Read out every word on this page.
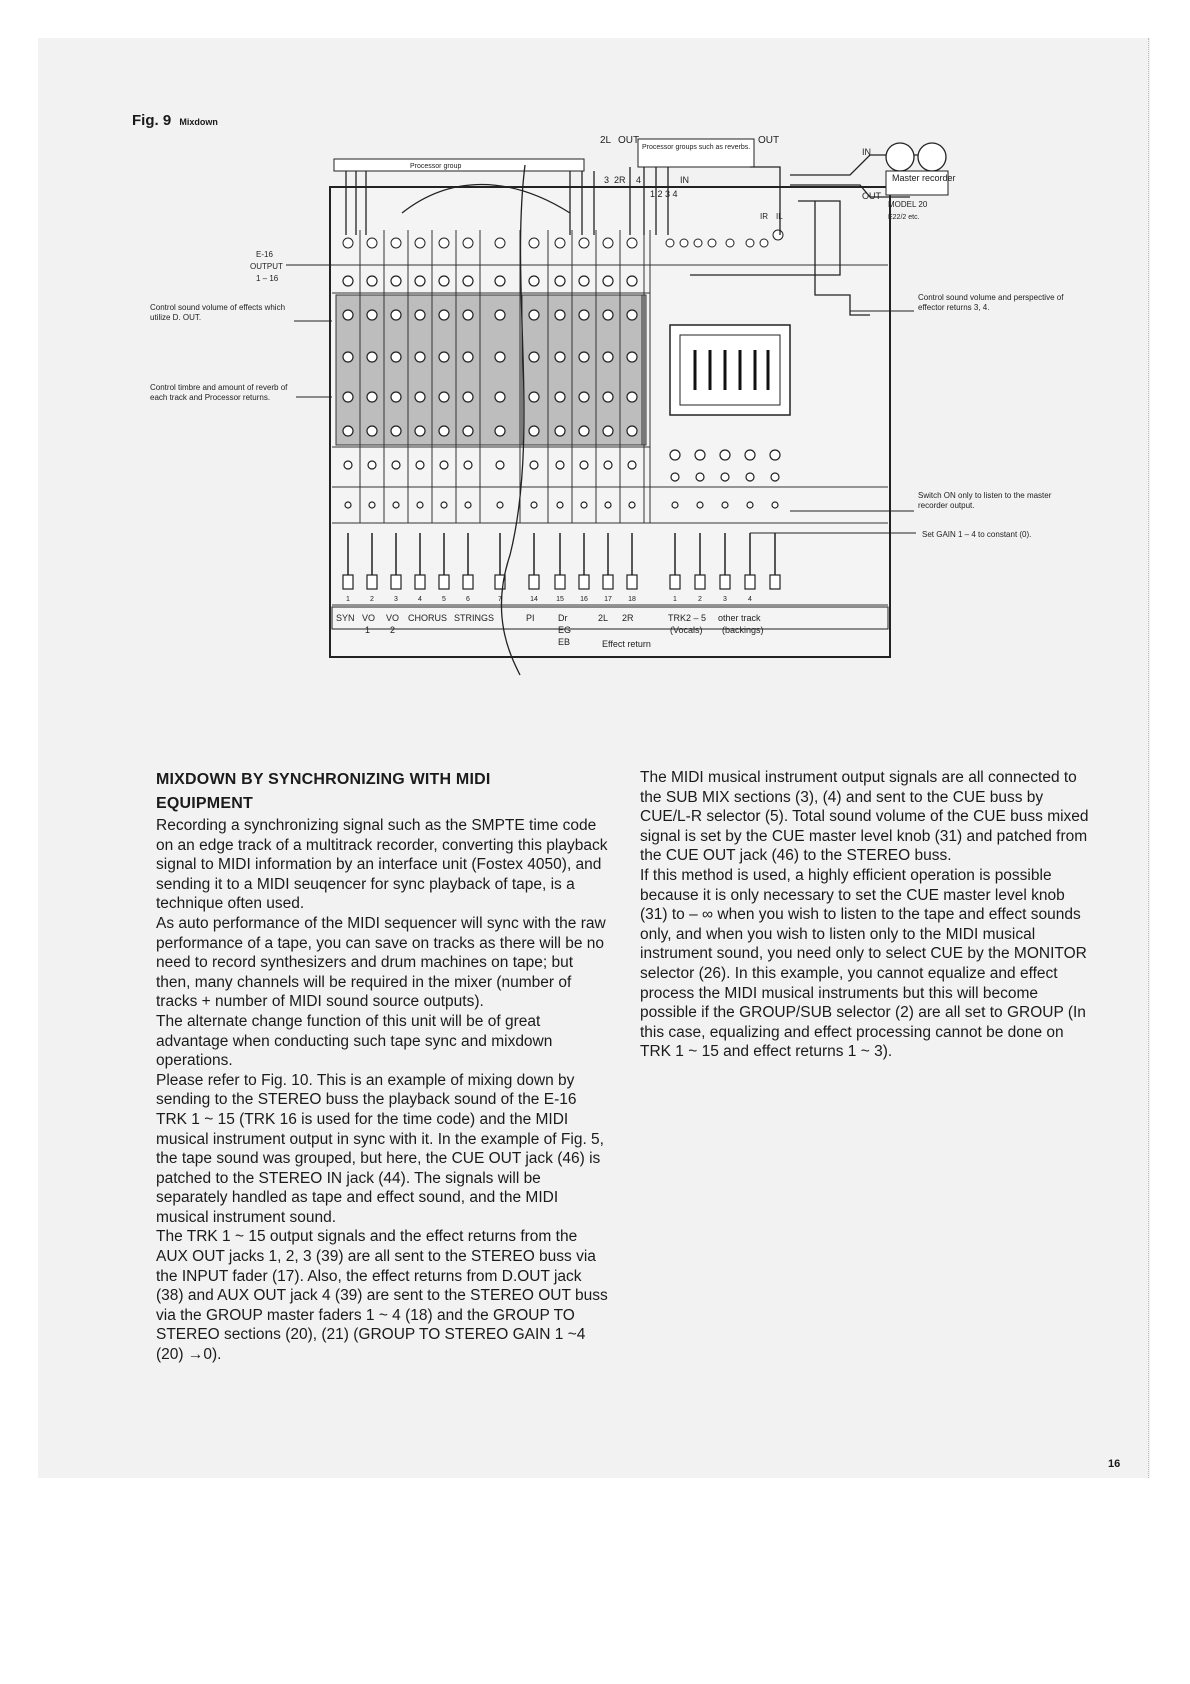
Fig. 9 Mixdown
1	2	3	4	5	6	7	14	15 16 17 18	1	2	3	4
SYN VO
1
VO
2
CHORUS STRINGS	PI	Dr
EG
EB
2L 2R	TRK2 – 5 other track
(Vocals) (backings)
Effect return
Processor group
Processor groups such as reverbs.
2L OUT	OUT
3 2R 4	IN
1 2 3 4
Master recorder
IN
OUT
MODEL 20
E22/2 etc.
IR IL
E-16
OUTPUT
1 – 16
Control sound volume of effects which utilize D. OUT.
Control timbre and amount of reverb of each track and Processor returns.
Control sound volume and perspective of effector returns 3, 4.
Switch ON only to listen to the master recorder output.
Set GAIN 1 – 4 to constant (0).
MIXDOWN BY SYNCHRONIZING WITH MIDI
EQUIPMENT

Recording a synchronizing signal such as the SMPTE time code on an edge track of a multitrack recorder, converting this playback signal to MIDI information by an interface unit (Fostex 4050), and sending it to a MIDI seuqencer for sync playback of tape, is a technique often used.

As auto performance of the MIDI sequencer will sync with the raw performance of a tape, you can save on tracks as there will be no need to record synthesizers and drum machines on tape; but then, many channels will be required in the mixer (number of tracks + number of MIDI sound source outputs).

The alternate change function of this unit will be of great advantage when conducting such tape sync and mixdown operations.

Please refer to Fig. 10. This is an example of mixing down by sending to the STEREO buss the playback sound of the E-16 TRK 1 ~ 15 (TRK 16 is used for the time code) and the MIDI musical instrument output in sync with it. In the example of Fig. 5, the tape sound was grouped, but here, the CUE OUT jack (46) is patched to the STEREO IN jack (44). The signals will be separately handled as tape and effect sound, and the MIDI musical instrument sound.

The TRK 1 ~ 15 output signals and the effect returns from the AUX OUT jacks 1, 2, 3 (39) are all sent to the STEREO buss via the INPUT fader (17). Also, the effect returns from D.OUT jack (38) and AUX OUT jack 4 (39) are sent to the STEREO OUT buss via the GROUP master faders 1 ~ 4 (18) and the GROUP TO STEREO sections (20), (21) (GROUP TO STEREO GAIN 1 ~4 (20) →0).

The MIDI musical instrument output signals are all connected to the SUB MIX sections (3), (4) and sent to the CUE buss by CUE/L-R selector (5). Total sound volume of the CUE buss mixed signal is set by the CUE master level knob (31) and patched from the CUE OUT jack (46) to the STEREO buss.

If this method is used, a highly efficient operation is possible because it is only necessary to set the CUE master level knob (31) to – ∞ when you wish to listen to the tape and effect sounds only, and when you wish to listen only to the MIDI musical instrument sound, you need only to select CUE by the MONITOR selector (26). In this example, you cannot equalize and effect process the MIDI musical instruments but this will become possible if the GROUP/SUB selector (2) are all set to GROUP (In this case, equalizing and effect processing cannot be done on TRK 1 ~ 15 and effect returns 1 ~ 3).

16
